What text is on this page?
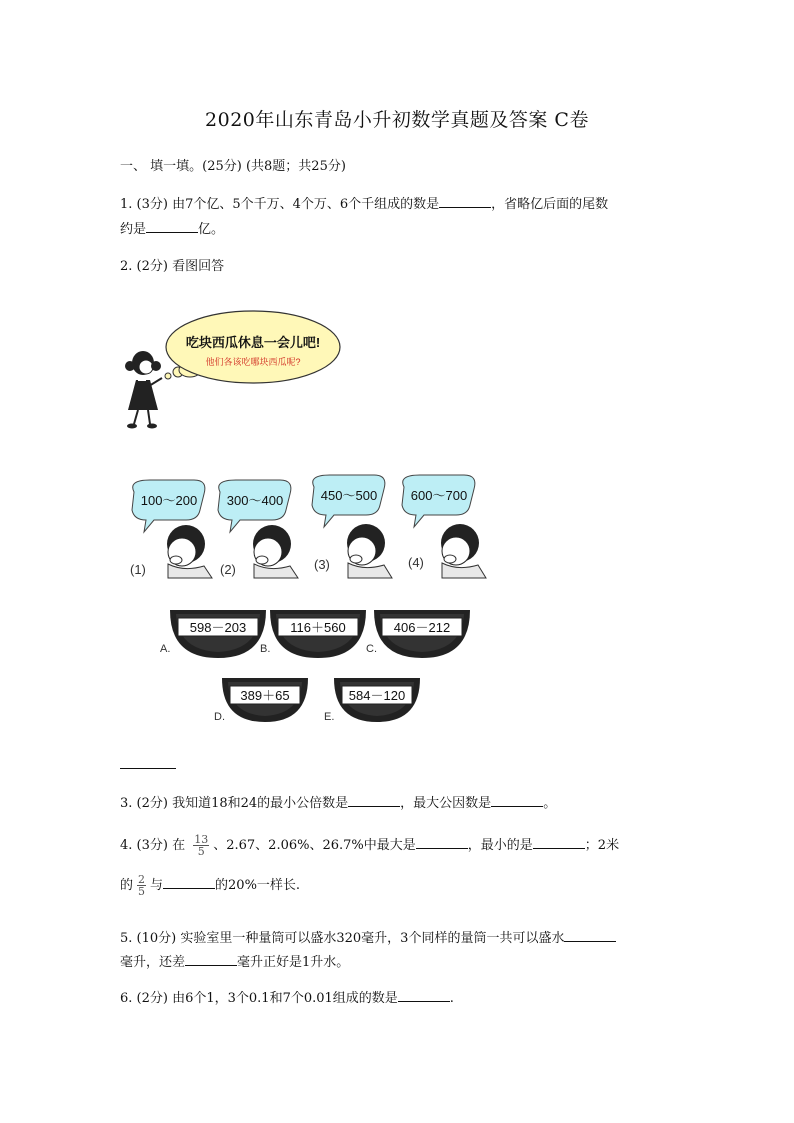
2020年山东青岛小升初数学真题及答案 C卷
一、 填一填。(25分) (共8题；共25分)
1. (3分) 由7个亿、5个千万、4个万、6个千组成的数是	，省略亿后面的尾数
约是	亿。
2. (2分) 看图回答
吃块西瓜休息一会儿吧!
他们各该吃哪块西瓜呢?
100～200
(1)
300～400
(2)
450～500
(3)
600～700
(4)
598－203
A.
116＋560
B.
406－212
C.
389＋65
D.
584－120
E.
3. (2分) 我知道18和24的最小公倍数是	，最大公因数是	。
4. (3分) 在 $\frac{13}{5}$ 、2.67、2.06%、26.7%中最大是	，最小的是	；2米
的 $\frac{2}{5}$ 与	的20%一样长.
5. (10分) 实验室里一种量筒可以盛水320毫升，3个同样的量筒一共可以盛水
毫升，还差	毫升正好是1升水。
6. (2分) 由6个1，3个0.1和7个0.01组成的数是	.
